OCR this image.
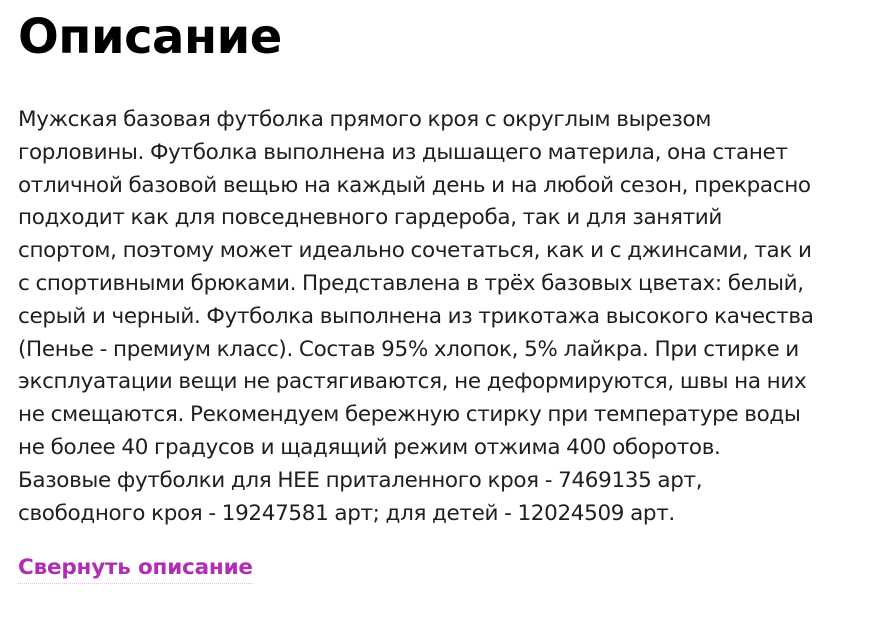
Описание

Мужская базовая футболка прямого кроя с округлым вырезом горловины. Футболка выполнена из дышащего материла, она станет отличной базовой вещью на каждый день и на любой сезон, прекрасно подходит как для повседневного гардероба, так и для занятий спортом, поэтому может идеально сочетаться, как и с джинсами, так и с спортивными брюками. Представлена в трёх базовых цветах: белый, серый и черный. Футболка выполнена из трикотажа высокого качества (Пенье - премиум класс). Состав 95% хлопок, 5% лайкра. При стирке и эксплуатации вещи не растягиваются, не деформируются, швы на них не смещаются. Рекомендуем бережную стирку при температуре воды не более 40 градусов и щадящий режим отжима 400 оборотов. Базовые футболки для НЕЕ приталенного кроя - 7469135 арт, свободного кроя - 19247581 арт; для детей - 12024509 арт.

Свернуть описание
